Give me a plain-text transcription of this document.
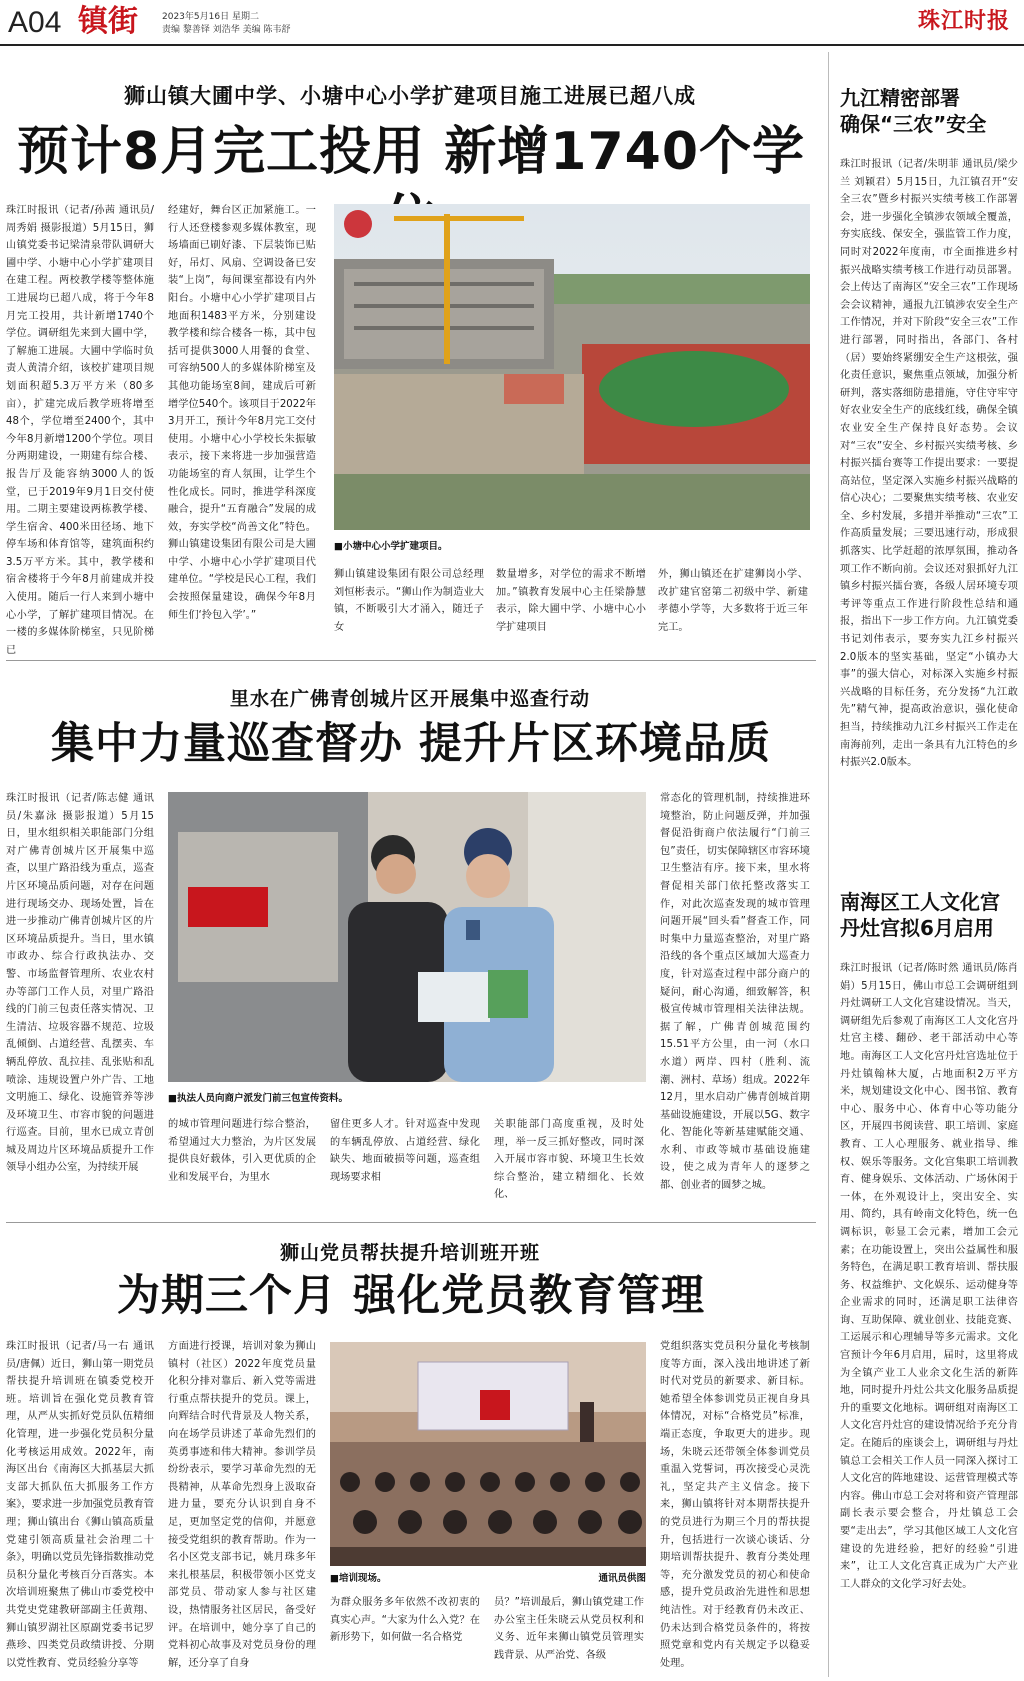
A04 镇街	2023年5月16日 星期二
责编 黎善铎 刘浩华 美编 陈韦舒	珠江时报
狮山镇大圃中学、小塘中心小学扩建项目施工进展已超八成
预计8月完工投用 新增1740个学
珠江时报讯（记者/孙茜 通讯员/周秀娟 摄影报道）5月15日，狮山镇党委书记梁清泉带队调研大圃中学、小塘中心小学扩建项目在建工程。两校教学楼等整体施工进展均已超八成，将于今年8月完工投用，共计新增1740个学位。调研组先来到大圃中学，了解施工进展。大圃中学临时负责人黄清介绍，该校扩建项目规划面积超5.3万平方米（80多亩），扩建完成后教学班将增至48个，学位增至2400个，其中今年8月新增1200个学位。项目分两期建设，一期建有综合楼、报告厅及能容纳3000人的饭堂，已于2019年9月1日交付使用。二期主要建设两栋教学楼、学生宿舍、400米田径场、地下停车场和体育馆等，建筑面积约3.5万平方米。其中，教学楼和宿舍楼将于今年8月前建成并投入使用。随后一行人来到小塘中心小学，了解扩建项目情况。在一楼的多媒体阶梯室，只见阶梯已
经建好，舞台区正加紧施工。一行人还登楼参观多媒体教室，现场墙面已刷好漆、下层装饰已贴好，吊灯、风扇、空调设备已安装“上岗”，每间课室都设有内外阳台。小塘中心小学扩建项目占地面积1483平方米，分别建设教学楼和综合楼各一栋，其中包括可提供3000人用餐的食堂、可容纳500人的多媒体阶梯室及其他功能场室8间，建成后可新增学位540个。该项目于2022年3月开工，预计今年8月完工交付使用。小塘中心小学校长朱振敏表示，接下来将进一步加强营造功能场室的育人氛围，让学生个性化成长。同时，推进学科深度融合，提升“五育融合”发展的成效，夯实学校“尚善文化”特色。狮山镇建设集团有限公司是大圃中学、小塘中心小学扩建项目代建单位。“学校是民心工程，我们会按照保量建设，确保今年8月师生们‘拎包入学’。”
■小塘中心小学扩建项目。
狮山镇建设集团有限公司总经理刘恒彬表示。“狮山作为制造业大镇，不断吸引大才涌入，随迁子女
数量增多，对学位的需求不断增加。”镇教育发展中心主任梁静慧表示，除大圃中学、小塘中心小学扩建项目
外，狮山镇还在扩建狮岗小学、改扩建官窑第二初级中学、新建孝德小学等，大多数将于近三年完工。
里水在广佛青创城片区开展集中巡查行动
集中力量巡查督办 提升片区环境品质
珠江时报讯（记者/陈志健 通讯员/朱嘉泳 摄影报道）5月15日，里水组织相关职能部门分组对广佛青创城片区开展集中巡查，以里广路沿线为重点，巡查片区环境品质问题，对存在问题进行现场交办、现场处置，旨在进一步推动广佛青创城片区的片区环境品质提升。当日，里水镇市政办、综合行政执法办、交警、市场监督管理所、农业农村办等部门工作人员，对里广路沿线的门前三包责任落实情况、卫生清洁、垃圾容器不规范、垃圾乱倾倒、占道经营、乱摆卖、车辆乱停放、乱拉挂、乱张贴和乱喷涂、违规设置户外广告、工地文明施工、绿化、设施管养等涉及环境卫生、市容市貌的问题进行巡查。目前，里水已成立青创城及周边片区环境品质提升工作领导小组办公室，为持续开展
■执法人员向商户派发门前三包宣传资料。
的城市管理问题进行综合整治，希望通过大力整治，为片区发展提供良好载体，引入更优质的企业和发展平台，为里水
留住更多人才。针对巡查中发现的车辆乱停放、占道经营、绿化缺失、地面破损等问题，巡查组现场要求相
关职能部门高度重视，及时处理，举一反三抓好整改，同时深入开展市容市貌、环境卫生长效综合整治，建立精细化、长效化、
常态化的管理机制，持续推进环境整治，防止问题反弹，并加强督促沿街商户依法履行“门前三包”责任，切实保障辖区市容环境卫生整洁有序。接下来，里水将督促相关部门依托整改落实工作，对此次巡查发现的城市管理问题开展“回头看”督查工作，同时集中力量巡查整治，对里广路沿线的各个重点区域加大巡查力度，针对巡查过程中部分商户的疑问，耐心沟通，细致解答，积极宣传城市管理相关法律法规。据了解，广佛青创城范围约15.51平方公里，由一河（水口水道）两岸、四村（胜利、流潮、洲村、草场）组成。2022年12月，里水启动广佛青创城首期基础设施建设，开展以5G、数字化、智能化等新基建赋能交通、水利、市政等城市基础设施建设，使之成为青年人的逐梦之都、创业者的圆梦之城。
狮山党员帮扶提升培训班开班
为期三个月 强化党员教育管理
珠江时报讯（记者/马一右 通讯员/唐佩）近日，狮山第一期党员帮扶提升培训班在镇委党校开班。培训旨在强化党员教育管理，从严从实抓好党员队伍精细化管理，进一步强化党员积分量化考核运用成效。2022年，南海区出台《南海区大抓基层大抓支部大抓队伍大抓服务工作方案》，要求进一步加强党员教育管理；狮山镇出台《狮山镇高质量党建引领高质量社会治理二十条》，明确以党员先锋指数推动党员积分量化考核百分百落实。本次培训班聚焦了佛山市委党校中共党史党建教研部副主任黄翔、狮山镇罗湖社区原副党委书记罗燕珍、四类党员政绩讲授、分期以党性教育、党员经验分享等
方面进行授课，培训对象为狮山镇村（社区）2022年度党员量化积分排对靠后、新入党等需进行重点帮扶提升的党员。课上，向辉结合时代背景及人物关系，向在场学员讲述了革命先烈们的英勇事迹和伟大精神。参训学员纷纷表示，要学习革命先烈的无畏精神，从革命先烈身上汲取奋进力量，要充分认识到自身不足，更加坚定党的信仰，并愿意接受党组织的教育帮助。作为一名小区党支部书记，姚月珠多年来扎根基层，积极带领小区党支部党员、带动家人参与社区建设，热情服务社区居民，备受好评。在培训中，她分享了自己的党料初心故事及对党员身份的理解，还分享了自身
■培训现场。	通讯员供图
为群众服务多年依然不改初衷的真实心声。“大家为什么入党？在新形势下，如何做一名合格党
员？”培训最后，狮山镇党建工作办公室主任朱晓云从党员权利和义务、近年来狮山镇党员管理实践背景、从严治党、各级
党组织落实党员积分量化考核制度等方面，深入浅出地讲述了新时代对党员的新要求、新目标。她希望全体参训党员正视自身具体情况，对标“合格党员”标准，端正态度，争取更大的进步。现场，朱晓云还带领全体参训党员重温入党誓词，再次接受心灵洗礼，坚定共产主义信念。接下来，狮山镇将针对本期帮扶提升的党员进行为期三个月的帮扶提升，包括进行一次谈心谈话、分期培训帮扶提升、教育分类处理等，充分激发党员的初心和使命感，提升党员政治先进性和思想纯洁性。对于经教育仍未改正、仍未达到合格党员条件的，将按照党章和党内有关规定予以稳妥处理。
九江精密部署
确保“三农”安全
珠江时报讯（记者/朱明菲 通讯员/梁少兰 刘颖君）5月15日，九江镇召开“安全三农”暨乡村振兴实绩考核工作部署会，进一步强化全镇涉农领域全覆盖，夯实底线、保安全，强监管工作力度，同时对2022年度南，市全面推进乡村振兴战略实绩考核工作进行动员部署。会上传达了南海区“安全三农”工作现场会会议精神，通报九江镇涉农安全生产工作情况，并对下阶段“安全三农”工作进行部署，同时指出，各部门、各村（居）要始终紧绷安全生产这根弦，强化责任意识，聚焦重点领域，加强分析研判，落实落细防患措施，守住守牢守好农业安全生产的底线红线，确保全镇农业安全生产保持良好态势。会议对“三农”安全、乡村振兴实绩考核、乡村振兴擂台赛等工作提出要求：一要提高站位，坚定深入实施乡村振兴战略的信心决心；二要聚焦实绩考核、农业安全、乡村发展，多措并举推动“三农”工作高质量发展；三要迅速行动，形成狠抓落实、比学赶超的浓厚氛围，推动各项工作不断向前。会议还对狠抓好九江镇乡村振兴擂台赛，各级人居环境专项考评等重点工作进行阶段性总结和通报，指出下一步工作方向。九江镇党委书记刘伟表示，要夯实九江乡村振兴2.0版本的坚实基础，坚定“小镇办大事”的强大信心，对标深入实施乡村振兴战略的目标任务，充分发扬“九江敢先”精气神，提高政治意识，强化使命担当，持续推动九江乡村振兴工作走在南海前列，走出一条具有九江特色的乡村振兴2.0版本。
南海区工人文化宫
丹灶宫拟6月启用
珠江时报讯（记者/陈时然 通讯员/陈肖娟）5月15日，佛山市总工会调研组到丹灶调研工人文化宫建设情况。当天，调研组先后参观了南海区工人文化宫丹灶宫主楼、翻砂、老干部活动中心等地。南海区工人文化宫丹灶宫选址位于丹灶镇翰林大厦，占地面积2万平方米，规划建设文化中心、图书馆、教育中心、服务中心、体育中心等功能分区，开展四书阅读营、职工培训、家庭教育、工人心理服务、就业指导、维权、娱乐等服务。文化宫集职工培训教育、健身娱乐、文体活动、广场休闲于一体，在外观设计上，突出安全、实用、简约，具有岭南文化特色，统一色调标识，彰显工会元素，增加工会元素；在功能设置上，突出公益属性和服务特色，在满足职工教育培训、帮扶服务、权益维护、文化娱乐、运动健身等企业需求的同时，还满足职工法律咨询、互助保障、就业创业、技能竞赛、工运展示和心理辅导等多元需求。文化宫预计今年6月启用，届时，这里将成为全镇产业工人业余文化生活的新阵地，同时提升丹灶公共文化服务品质提升的重要文化地标。调研组对南海区工人文化宫丹灶宫的建设情况给予充分肯定。在随后的座谈会上，调研组与丹灶镇总工会相关工作人员一同深入探讨工人文化宫的阵地建设、运营管理模式等内容。佛山市总工会对将和资产管理部副长表示要会整合，丹灶镇总工会要“走出去”，学习其他区域工人文化宫建设的先进经验，把好的经验“引进来”，让工人文化宫真正成为广大产业工人群众的文化学习好去处。
